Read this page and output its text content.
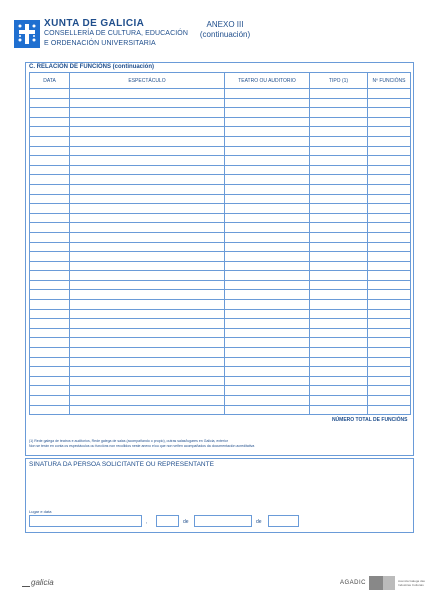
XUNTA DE GALICIA
CONSELLERÍA DE CULTURA, EDUCACIÓN
E ORDENACIÓN UNIVERSITARIA
ANEXO III
(continuación)
C. RELACIÓN DE FUNCIÓNS (continuación)
DATA	ESPECTÁCULO	TEATRO OU AUDITORIO	TIPO (1)	Nº FUNCIÓNS

			NÚMERO TOTAL DE FUNCIÓNS	
(1) Rede galega de teatros e auditorios, Rede galega de salas (acompañando o propio), outras salas/lugares en Galicia, exterior
Non se terán en conta os espectáculos ou funcións non recollidos neste anexo e/ou que non veñen acompañados da documentación acreditativa
SINATURA DA PERSOA SOLICITANTE OU REPRESENTANTE
Lugar e data
,	de	de
galicia	AGADIC	Axencia Galega das
Industrias Culturais
